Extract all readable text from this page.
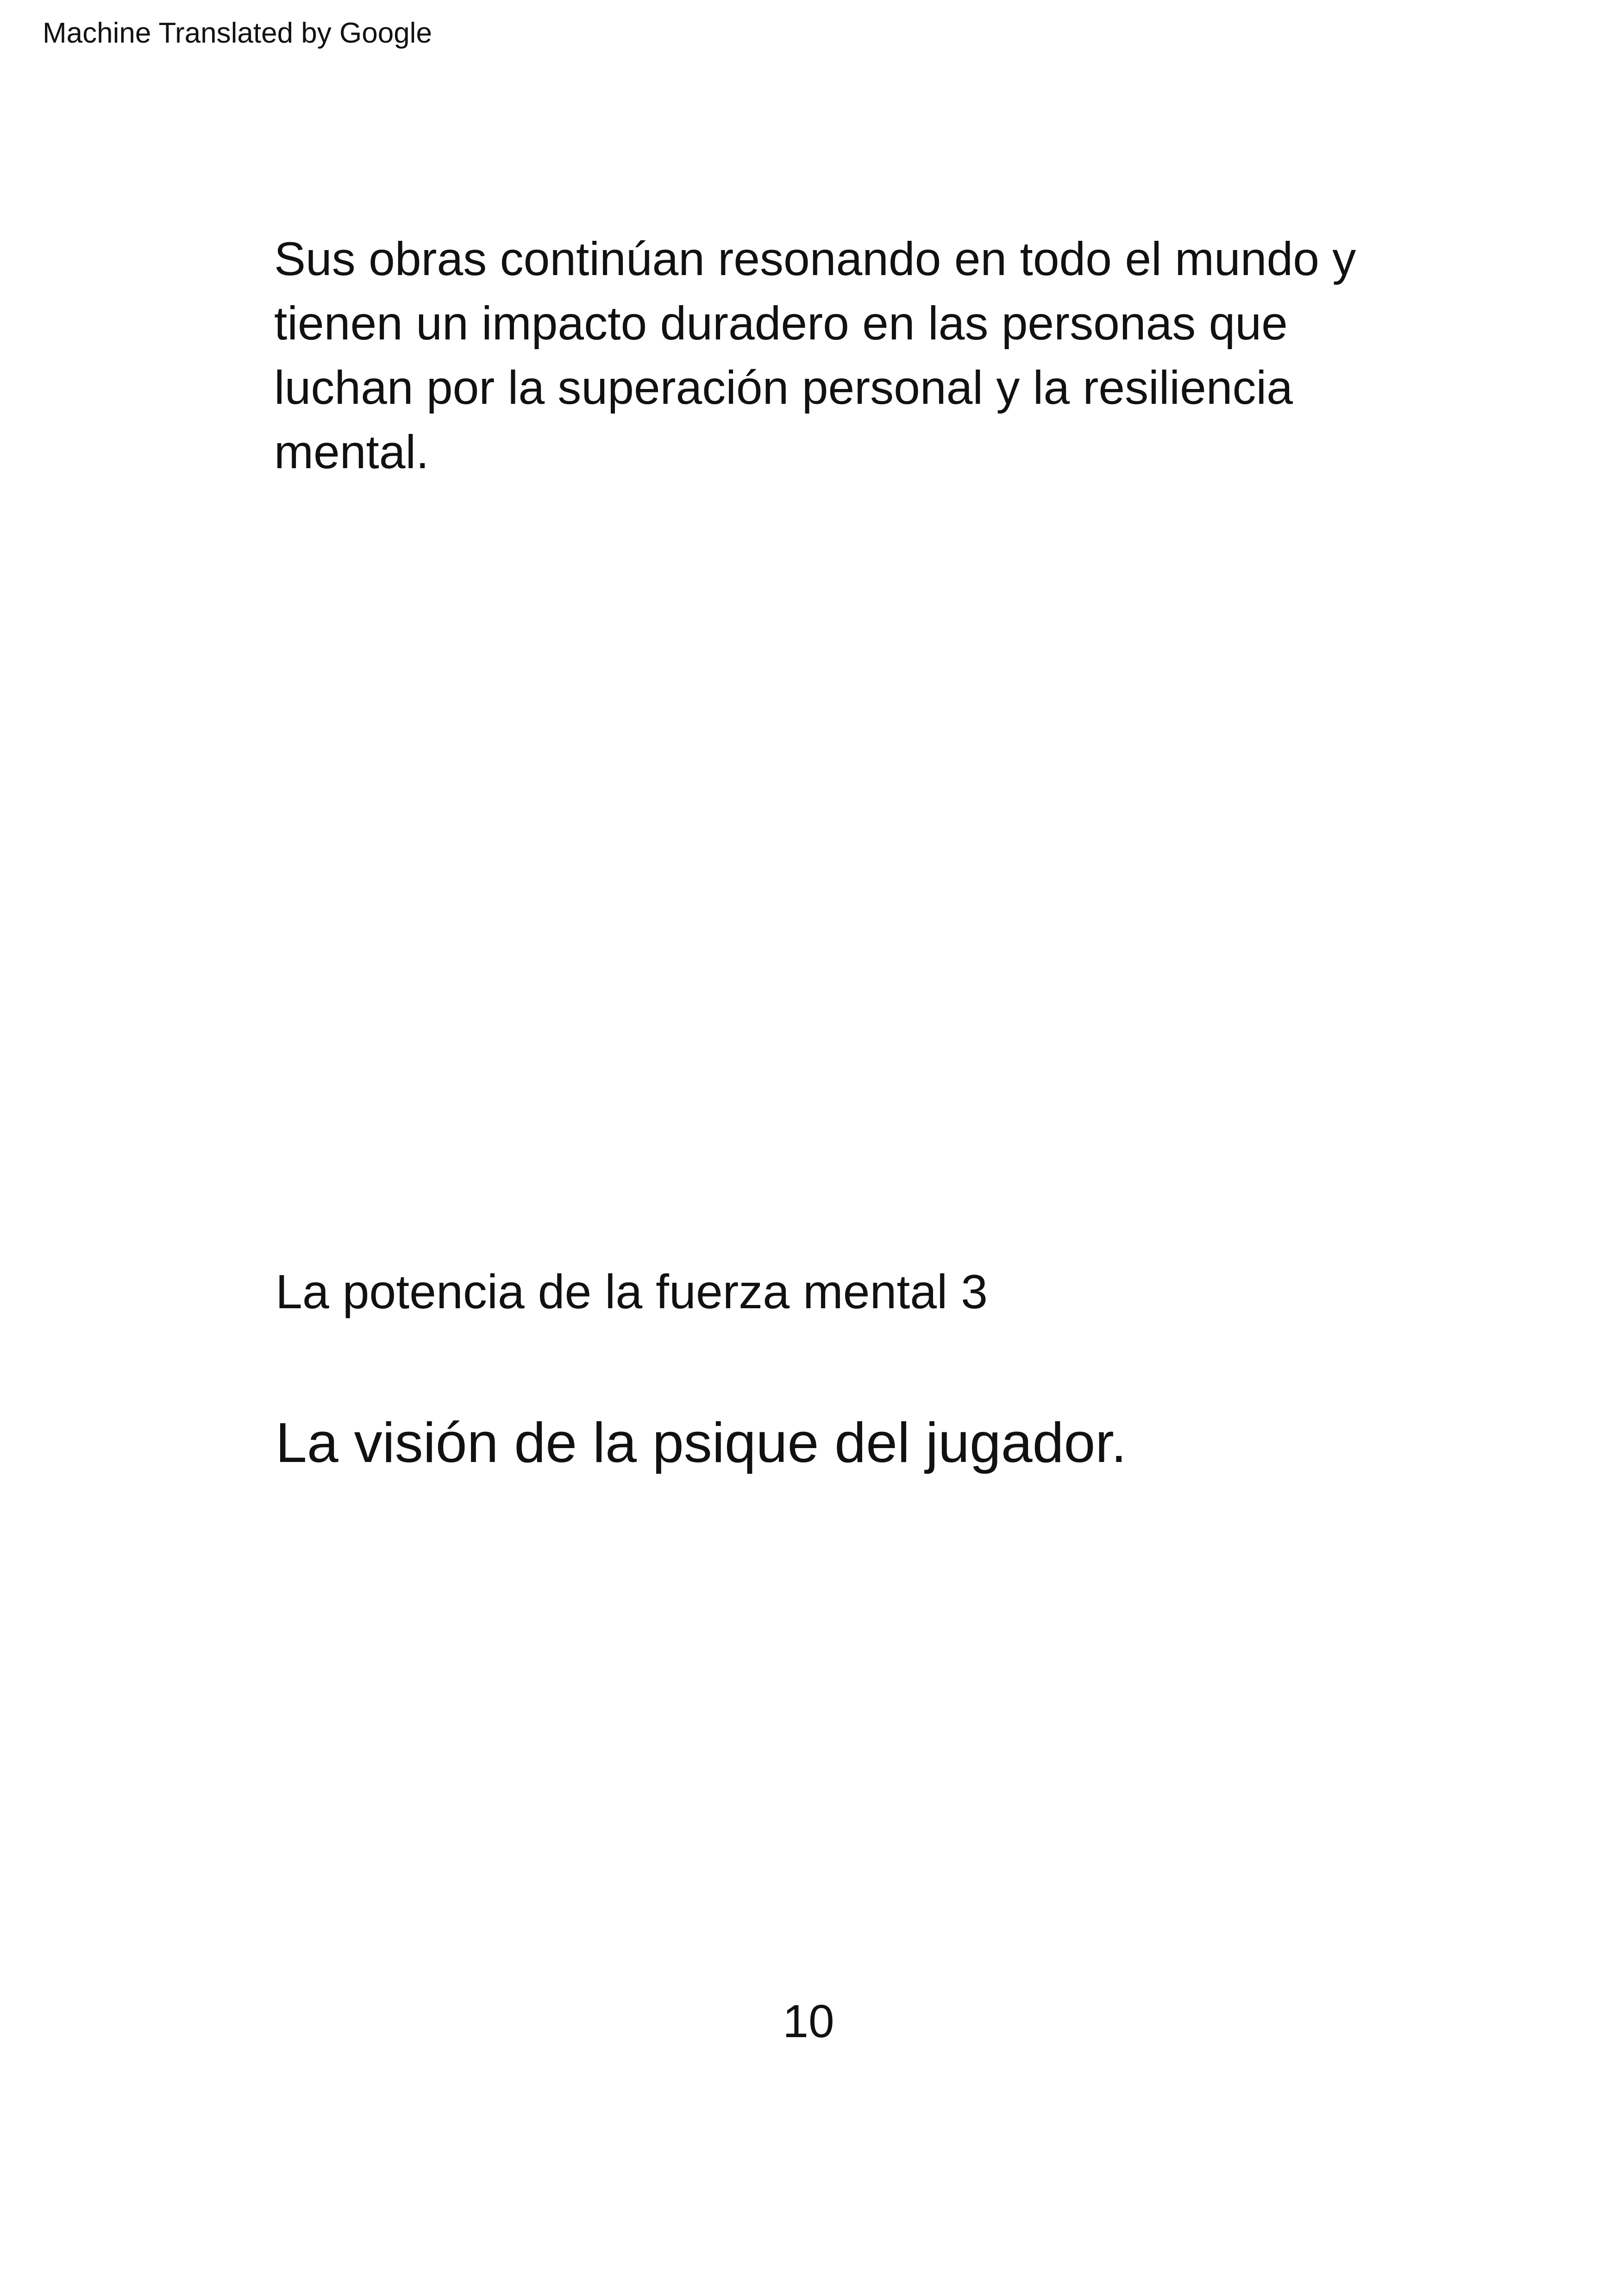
Machine Translated by Google

Sus obras continúan resonando en todo el mundo y
tienen un impacto duradero en las personas que
luchan por la superación personal y la resiliencia
mental.

La potencia de la fuerza mental 3
La visión de la psique del jugador.
10
